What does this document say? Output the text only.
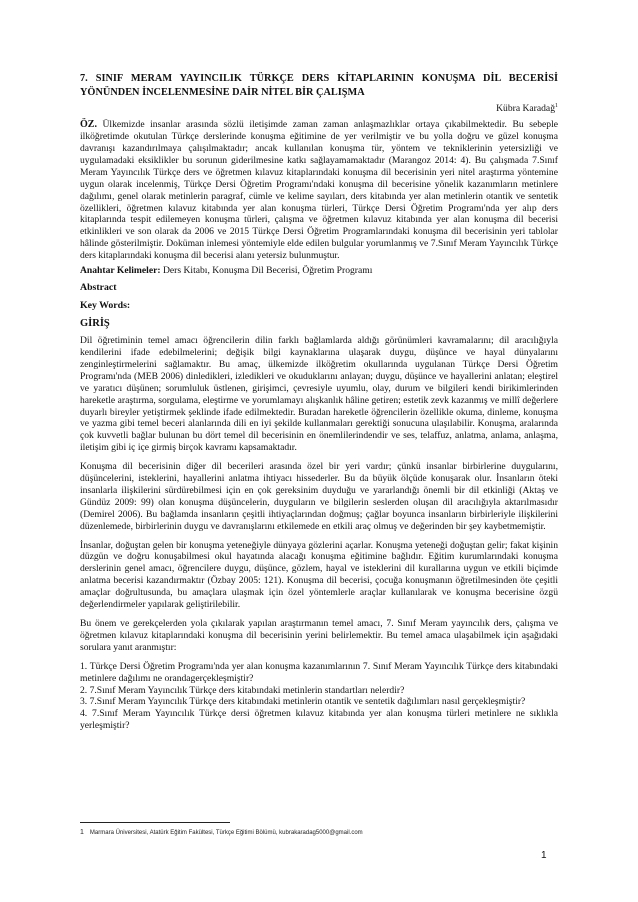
7. SINIF MERAM YAYINCILIK TÜRKÇE DERS KİTAPLARININ KONUŞMA DİL BECERİSİ YÖNÜNDEN İNCELENMESİNE DAİR NİTEL BİR ÇALIŞMA

Kübra Karadağ$^1$

ÖZ. Ülkemizde insanlar arasında sözlü iletişimde zaman zaman anlaşmazlıklar ortaya çıkabilmektedir. Bu sebeple ilköğretimde okutulan Türkçe derslerinde konuşma eğitimine de yer verilmiştir ve bu yolla doğru ve güzel konuşma davranışı kazandırılmaya çalışılmaktadır; ancak kullanılan konuşma tür, yöntem ve tekniklerinin yetersizliği ve uygulamadaki eksiklikler bu sorunun giderilmesine katkı sağlayamamaktadır (Marangoz 2014: 4). Bu çalışmada 7.Sınıf Meram Yayıncılık Türkçe ders ve öğretmen kılavuz kitaplarındaki konuşma dil becerisinin yeri nitel araştırma yöntemine uygun olarak incelenmiş, Türkçe Dersi Öğretim Programı'ndaki konuşma dil becerisine yönelik kazanımların metinlere dağılımı, genel olarak metinlerin paragraf, cümle ve kelime sayıları, ders kitabında yer alan metinlerin otantik ve sentetik özellikleri, öğretmen kılavuz kitabında yer alan konuşma türleri, Türkçe Dersi Öğretim Programı'nda yer alıp ders kitaplarında tespit edilemeyen konuşma türleri, çalışma ve öğretmen kılavuz kitabında yer alan konuşma dil becerisi etkinlikleri ve son olarak da 2006 ve 2015 Türkçe Dersi Öğretim Programlarındaki konuşma dil becerisinin yeri tablolar hâlinde gösterilmiştir. Doküman inlemesi yöntemiyle elde edilen bulgular yorumlanmış ve 7.Sınıf Meram Yayıncılık Türkçe ders kitaplarındaki konuşma dil becerisi alanı yetersiz bulunmuştur.

Anahtar Kelimeler: Ders Kitabı, Konuşma Dil Becerisi, Öğretim Programı

Abstract

Key Words:

GİRİŞ

Dil öğretiminin temel amacı öğrencilerin dilin farklı bağlamlarda aldığı görünümleri kavramalarını; dil aracılığıyla kendilerini ifade edebilmelerini; değişik bilgi kaynaklarına ulaşarak duygu, düşünce ve hayal dünyalarını zenginleştirmelerini sağlamaktır. Bu amaç, ülkemizde ilköğretim okullarında uygulanan Türkçe Dersi Öğretim Programı'nda (MEB 2006) dinledikleri, izledikleri ve okuduklarını anlayan; duygu, düşünce ve hayallerini anlatan; eleştirel ve yaratıcı düşünen; sorumluluk üstlenen, girişimci, çevresiyle uyumlu, olay, durum ve bilgileri kendi birikimlerinden hareketle araştırma, sorgulama, eleştirme ve yorumlamayı alışkanlık hâline getiren; estetik zevk kazanmış ve millî değerlere duyarlı bireyler yetiştirmek şeklinde ifade edilmektedir. Buradan hareketle öğrencilerin özellikle okuma, dinleme, konuşma ve yazma gibi temel beceri alanlarında dili en iyi şekilde kullanmaları gerektiği sonucuna ulaşılabilir. Konuşma, aralarında çok kuvvetli bağlar bulunan bu dört temel dil becerisinin en önemlilerindendir ve ses, telaffuz, anlatma, anlama, anlaşma, iletişim gibi iç içe girmiş birçok kavramı kapsamaktadır.

Konuşma dil becerisinin diğer dil becerileri arasında özel bir yeri vardır; çünkü insanlar birbirlerine duygularını, düşüncelerini, isteklerini, hayallerini anlatma ihtiyacı hissederler. Bu da büyük ölçüde konuşarak olur. İnsanların öteki insanlarla ilişkilerini sürdürebilmesi için en çok gereksinim duyduğu ve yararlandığı önemli bir dil etkinliği (Aktaş ve Gündüz 2009: 99) olan konuşma düşüncelerin, duyguların ve bilgilerin seslerden oluşan dil aracılığıyla aktarılmasıdır (Demirel 2006). Bu bağlamda insanların çeşitli ihtiyaçlarından doğmuş; çağlar boyunca insanların birbirleriyle ilişkilerini düzenlemede, birbirlerinin duygu ve davranışlarını etkilemede en etkili araç olmuş ve değerinden bir şey kaybetmemiştir.

İnsanlar, doğuştan gelen bir konuşma yeteneğiyle dünyaya gözlerini açarlar. Konuşma yeteneği doğuştan gelir; fakat kişinin düzgün ve doğru konuşabilmesi okul hayatında alacağı konuşma eğitimine bağlıdır. Eğitim kurumlarındaki konuşma derslerinin genel amacı, öğrencilere duygu, düşünce, gözlem, hayal ve isteklerini dil kurallarına uygun ve etkili biçimde anlatma becerisi kazandırmaktır (Özbay 2005: 121). Konuşma dil becerisi, çocuğa konuşmanın öğretilmesinden öte çeşitli amaçlar doğrultusunda, bu amaçlara ulaşmak için özel yöntemlerle araçlar kullanılarak ve konuşma becerisine özgü değerlendirmeler yapılarak geliştirilebilir.

Bu önem ve gerekçelerden yola çıkılarak yapılan araştırmanın temel amacı, 7. Sınıf Meram yayıncılık ders, çalışma ve öğretmen kılavuz kitaplarındaki konuşma dil becerisinin yerini belirlemektir. Bu temel amaca ulaşabilmek için aşağıdaki sorulara yanıt aranmıştır:

1. Türkçe Dersi Öğretim Programı'nda yer alan konuşma kazanımlarının 7. Sınıf Meram Yayıncılık Türkçe ders kitabındaki metinlere dağılımı ne orandagerçekleşmiştir?

2. 7.Sınıf Meram Yayıncılık Türkçe ders kitabındaki metinlerin standartları nelerdir?

3. 7.Sınıf Meram Yayıncılık Türkçe ders kitabındaki metinlerin otantik ve sentetik dağılımları nasıl gerçekleşmiştir?

4. 7.Sınıf Meram Yayıncılık Türkçe dersi öğretmen kılavuz kitabında yer alan konuşma türleri metinlere ne sıklıkla yerleşmiştir?

1 Marmara Üniversitesi, Atatürk Eğitim Fakültesi, Türkçe Eğitimi Bölümü, kubrakaradag5000@gmail.com
1
